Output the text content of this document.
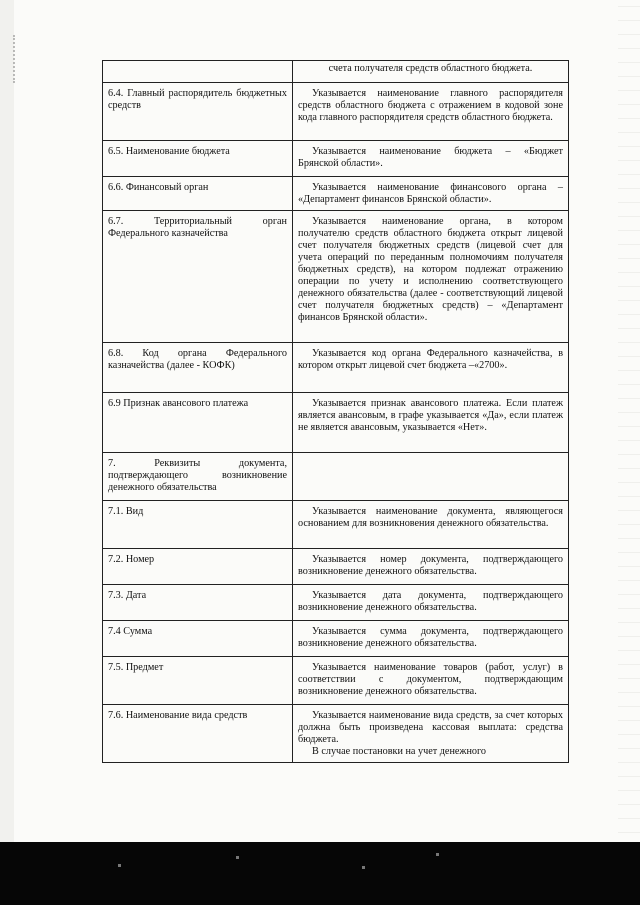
	счета получателя средств областного бюджета.
6.4. Главный распорядитель бюджетных средств	Указывается наименование главного распорядителя средств областного бюджета с отражением в кодовой зоне кода главного распорядителя средств областного бюджета.
6.5. Наименование бюджета	Указывается наименование бюджета – «Бюджет Брянской области».
6.6. Финансовый орган	Указывается наименование финансового органа – «Департамент финансов Брянской области».
6.7. Территориальный орган Федерального казначейства	Указывается наименование органа, в котором получателю средств областного бюджета открыт лицевой счет получателя бюджетных средств (лицевой счет для учета операций по переданным полномочиям получателя бюджетных средств), на котором подлежат отражению операции по учету и исполнению соответствующего денежного обязательства (далее - соответствующий лицевой счет получателя бюджетных средств) – «Департамент финансов Брянской области».
6.8. Код органа Федерального казначейства (далее - КОФК)	Указывается код органа Федерального казначейства, в котором открыт лицевой счет бюджета –«2700».
6.9 Признак авансового платежа	Указывается признак авансового платежа. Если платеж является авансовым, в графе указывается «Да», если платеж не является авансовым, указывается «Нет».
7. Реквизиты документа, подтверждающего возникновение денежного обязательства	
7.1. Вид	Указывается наименование документа, являющегося основанием для возникновения денежного обязательства.
7.2. Номер	Указывается номер документа, подтверждающего возникновение денежного обязательства.
7.3. Дата	Указывается дата документа, подтверждающего возникновение денежного обязательства.
7.4 Сумма	Указывается сумма документа, подтверждающего возникновение денежного обязательства.
7.5. Предмет	Указывается наименование товаров (работ, услуг) в соответствии с документом, подтверждающим возникновение денежного обязательства.
7.6. Наименование вида средств	Указывается наименование вида средств, за счет которых должна быть произведена кассовая выплата: средства бюджета.
В случае постановки на учет денежного
